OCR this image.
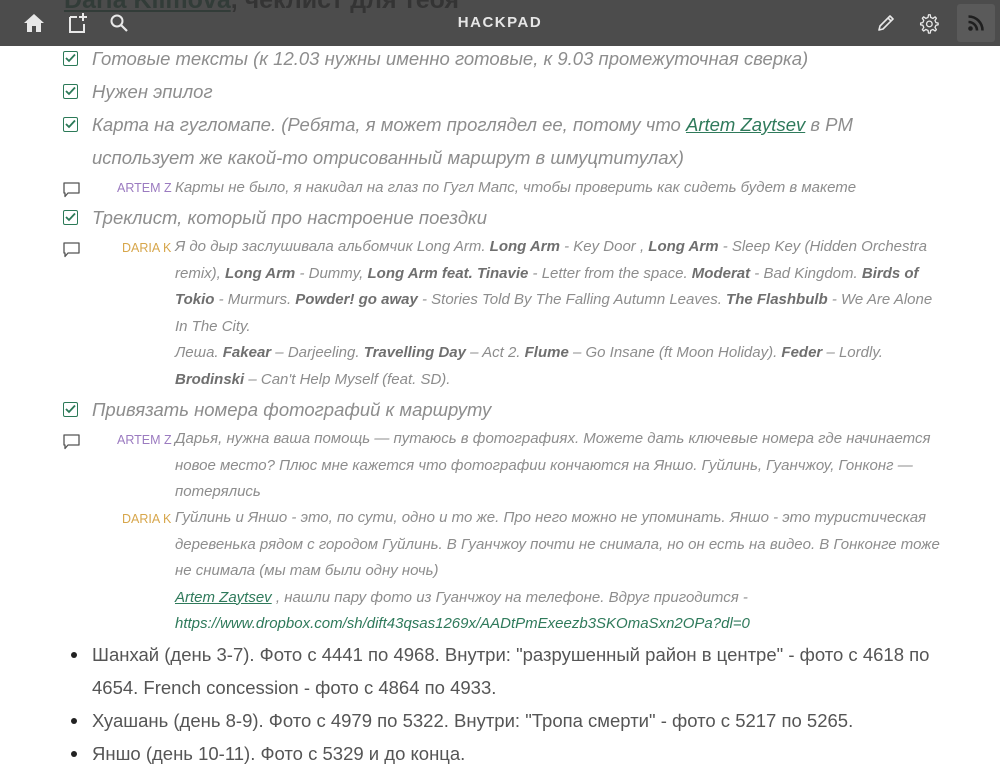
HACKPAD
Готовые тексты (к 12.03 нужны именно готовые, к 9.03 промежуточная сверка)
Нужен эпилог
Карта на гугломапе. (Ребята, я может проглядел ее, потому что Artem Zaytsev в PM использует же какой-то отрисованный маршрут в шмуцтитулах)
ARTEM Z Карты не было, я накидал на глаз по Гугл Мапс, чтобы проверить как сидеть будет в макете
Треклист, который про настроение поездки
DARIA K Я до дыр заслушивала альбомчик Long Arm. Long Arm - Key Door , Long Arm - Sleep Key (Hidden Orchestra remix), Long Arm - Dummy, Long Arm feat. Tinavie - Letter from the space. Moderat - Bad Kingdom. Birds of Tokio - Murmurs. Powder! go away - Stories Told By The Falling Autumn Leaves. The Flashbulb - We Are Alone In The City.
Леша. Fakear – Darjeeling. Travelling Day – Act 2. Flume – Go Insane (ft Moon Holiday). Feder – Lordly. Brodinski – Can't Help Myself (feat. SD).
Привязать номера фотографий к маршруту
ARTEM Z Дарья, нужна ваша помощь — путаюсь в фотографиях. Можете дать ключевые номера где начинается новое место? Плюс мне кажется что фотографии кончаются на Яншо. Гуйлинь, Гуанчжоу, Гонконг — потерялись
DARIA K Гуйлинь и Яншо - это, по сути, одно и то же. Про него можно не упоминать. Яншо - это туристическая деревенька рядом с городом Гуйлинь. В Гуанчжоу почти не снимала, но он есть на видео. В Гонконге тоже не снимала (мы там были одну ночь)
Artem Zaytsev , нашли пару фото из Гуанчжоу на телефоне. Вдруг пригодится -
https://www.dropbox.com/sh/dift43qsas1269x/AADtPmExeezb3SKOmaSxn2OPa?dl=0
Шанхай (день 3-7). Фото с 4441 по 4968. Внутри: "разрушенный район в центре" - фото с 4618 по 4654. French concession - фото с 4864 по 4933.
Хуашань (день 8-9). Фото с 4979 по 5322. Внутри: "Тропа смерти" - фото с 5217 по 5265.
Яншо (день 10-11). Фото с 5329 и до конца.
